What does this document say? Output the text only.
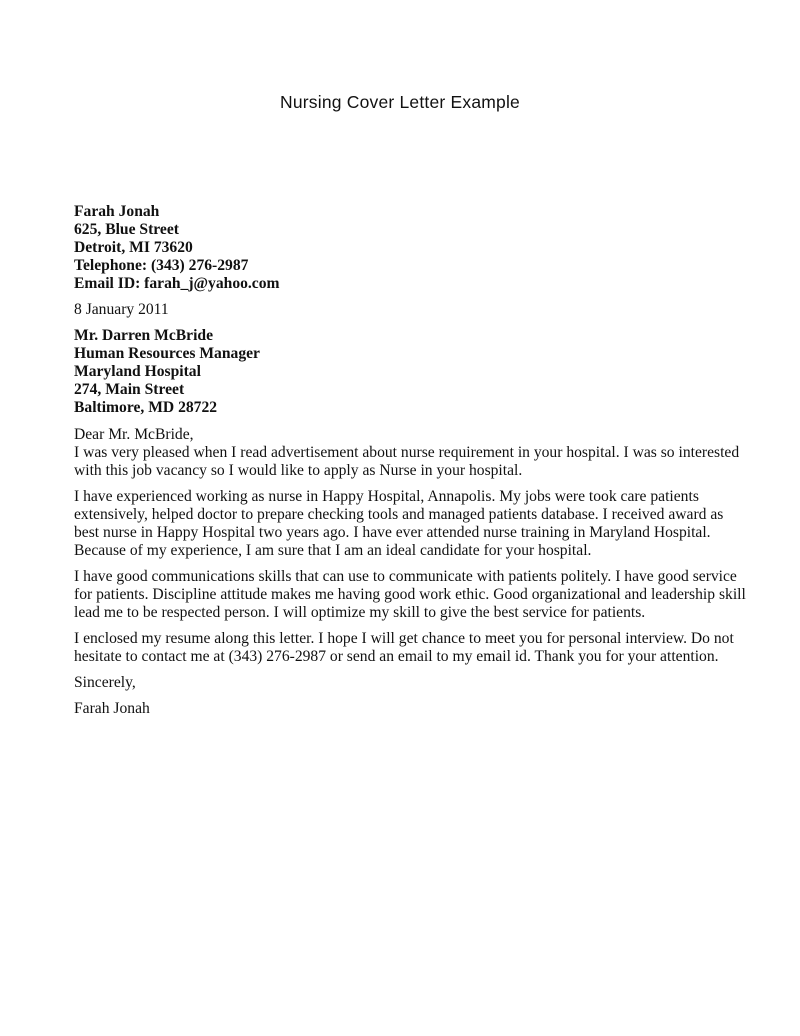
Nursing Cover Letter Example
Farah Jonah
625, Blue Street
Detroit, MI 73620
Telephone: (343) 276-2987
Email ID: farah_j@yahoo.com

8 January 2011

Mr. Darren McBride
Human Resources Manager
Maryland Hospital
274, Main Street
Baltimore, MD 28722

Dear Mr. McBride,

I was very pleased when I read advertisement about nurse requirement in your hospital. I was so interested with this job vacancy so I would like to apply as Nurse in your hospital.

I have experienced working as nurse in Happy Hospital, Annapolis. My jobs were took care patients extensively, helped doctor to prepare checking tools and managed patients database. I received award as best nurse in Happy Hospital two years ago. I have ever attended nurse training in Maryland Hospital. Because of my experience, I am sure that I am an ideal candidate for your hospital.

I have good communications skills that can use to communicate with patients politely. I have good service for patients. Discipline attitude makes me having good work ethic. Good organizational and leadership skill lead me to be respected person. I will optimize my skill to give the best service for patients.

I enclosed my resume along this letter. I hope I will get chance to meet you for personal interview. Do not hesitate to contact me at (343) 276-2987 or send an email to my email id. Thank you for your attention.

Sincerely,

Farah Jonah
